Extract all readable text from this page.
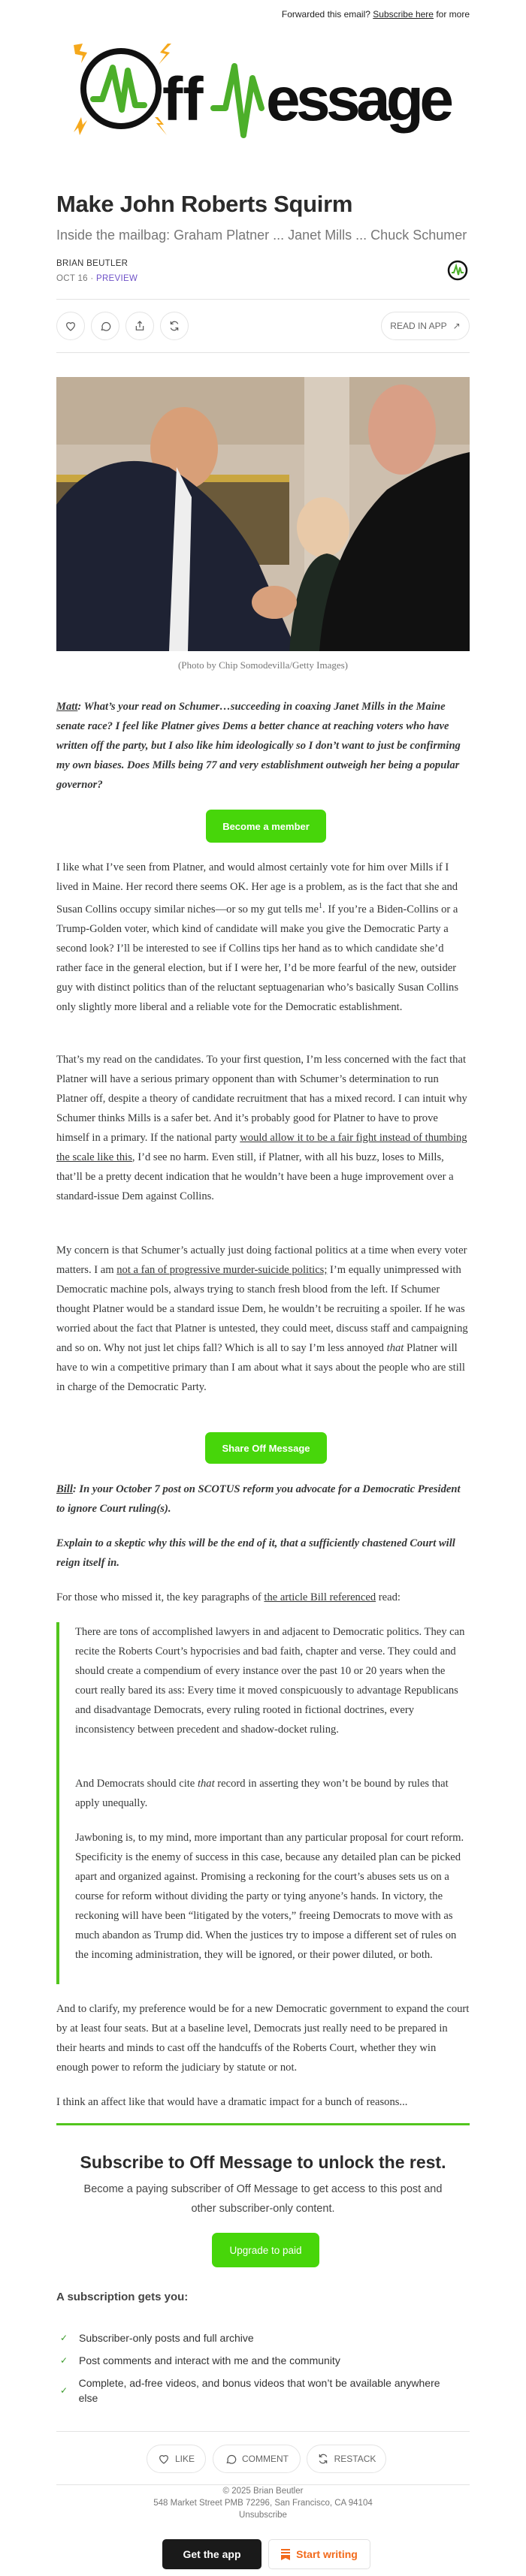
Forwarded this email? Subscribe here for more
ff essage
Make John Roberts Squirm
Inside the mailbag: Graham Platner ... Janet Mills ... Chuck Schumer
BRIAN BEUTLER
OCT 16 · PREVIEW
READ IN APP ↗
(Photo by Chip Somodevilla/Getty Images)

Matt: What’s your read on Schumer…succeeding in coaxing Janet Mills in the Maine senate race? I feel like Platner gives Dems a better chance at reaching voters who have written off the party, but I also like him ideologically so I don’t want to just be confirming my own biases. Does Mills being 77 and very establishment outweigh her being a popular governor?

Become a member

I like what I’ve seen from Platner, and would almost certainly vote for him over Mills if I lived in Maine. Her record there seems OK. Her age is a problem, as is the fact that she and Susan Collins occupy similar niches—or so my gut tells $me^1$. If you’re a Biden-Collins or a Trump-Golden voter, which kind of candidate will make you give the Democratic Party a second look? I’ll be interested to see if Collins tips her hand as to which candidate she’d rather face in the general election, but if I were her, I’d be more fearful of the new, outsider guy with distinct politics than of the reluctant septuagenarian who’s basically Susan Collins only slightly more liberal and a reliable vote for the Democratic establishment.

That’s my read on the candidates. To your first question, I’m less concerned with the fact that Platner will have a serious primary opponent than with Schumer’s determination to run Platner off, despite a theory of candidate recruitment that has a mixed record. I can intuit why Schumer thinks Mills is a safer bet. And it’s probably good for Platner to have to prove himself in a primary. If the national party would allow it to be a fair fight instead of thumbing the scale like this, I’d see no harm. Even still, if Platner, with all his buzz, loses to Mills, that’ll be a pretty decent indication that he wouldn’t have been a huge improvement over a standard-issue Dem against Collins.

My concern is that Schumer’s actually just doing factional politics at a time when every voter matters. I am not a fan of progressive murder-suicide politics; I’m equally unimpressed with Democratic machine pols, always trying to stanch fresh blood from the left. If Schumer thought Platner would be a standard issue Dem, he wouldn’t be recruiting a spoiler. If he was worried about the fact that Platner is untested, they could meet, discuss staff and campaigning and so on. Why not just let chips fall? Which is all to say I’m less annoyed that Platner will have to win a competitive primary than I am about what it says about the people who are still in charge of the Democratic Party.

Share Off Message

Bill: In your October 7 post on SCOTUS reform you advocate for a Democratic President to ignore Court ruling(s).

Explain to a skeptic why this will be the end of it, that a sufficiently chastened Court will reign itself in.

For those who missed it, the key paragraphs of the article Bill referenced read:

There are tons of accomplished lawyers in and adjacent to Democratic politics. They can recite the Roberts Court’s hypocrisies and bad faith, chapter and verse. They could and should create a compendium of every instance over the past 10 or 20 years when the court really bared its ass: Every time it moved conspicuously to advantage Republicans and disadvantage Democrats, every ruling rooted in fictional doctrines, every inconsistency between precedent and shadow-docket ruling.

And Democrats should cite that record in asserting they won’t be bound by rules that apply unequally.

Jawboning is, to my mind, more important than any particular proposal for court reform. Specificity is the enemy of success in this case, because any detailed plan can be picked apart and organized against. Promising a reckoning for the court’s abuses sets us on a course for reform without dividing the party or tying anyone’s hands. In victory, the reckoning will have been “litigated by the voters,” freeing Democrats to move with as much abandon as Trump did. When the justices try to impose a different set of rules on the incoming administration, they will be ignored, or their power diluted, or both.

And to clarify, my preference would be for a new Democratic government to expand the court by at least four seats. But at a baseline level, Democrats just really need to be prepared in their hearts and minds to cast off the handcuffs of the Roberts Court, whether they win enough power to reform the judiciary by statute or not.

I think an affect like that would have a dramatic impact for a bunch of reasons...

Subscribe to Off Message to unlock the rest.
Become a paying subscriber of Off Message to get access to this post and other subscriber-only content.
Upgrade to paid
A subscription gets you:
✓ Subscriber-only posts and full archive
✓ Post comments and interact with me and the community
✓
Complete, ad-free videos, and bonus videos that won’t be available anywhere else
LIKE	COMMENT	RESTACK
© 2025 Brian Beutler
548 Market Street PMB 72296, San Francisco, CA 94104
Unsubscribe
Get the app	Start writing
